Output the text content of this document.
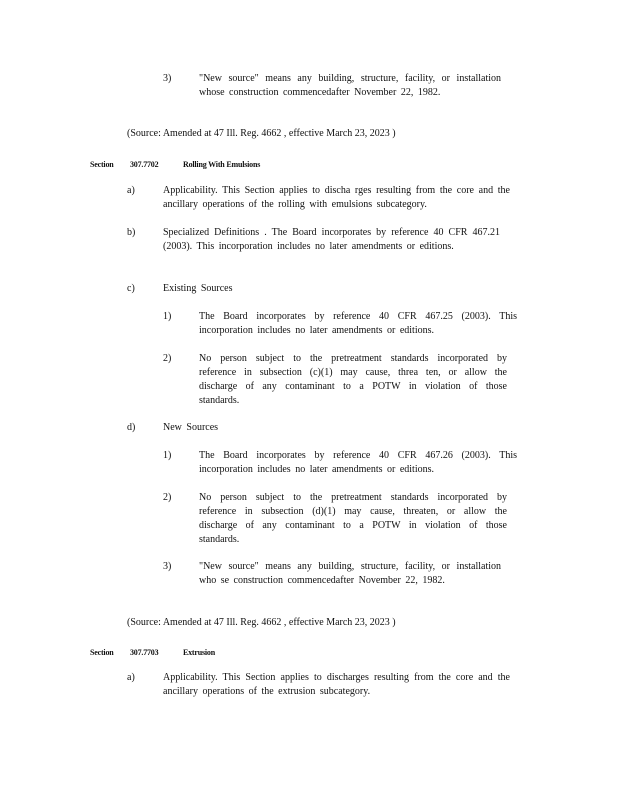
3)	"New source" means any building, structure, facility, or installation whose construction commencedafter November 22, 1982.
(Source: Amended at 47 Ill. Reg. 4662 , effective March 23, 2023 )
Section 307.7702	Rolling With Emulsions
a)	Applicability. This Section applies to discha rges resulting from the core and the ancillary operations of the rolling with emulsions subcategory.
b)	Specialized Definitions . The Board incorporates by reference 40 CFR 467.21 (2003). This incorporation includes no later amendments or editions.
c)	Existing Sources
1)	The Board incorporates by reference 40 CFR 467.25 (2003). This incorporation includes no later amendments or editions.
2)	No person subject to the pretreatment standards incorporated by reference in subsection (c)(1) may cause, threa ten, or allow the discharge of any contaminant to a POTW in violation of those standards.
d)	New Sources
1)	The Board incorporates by reference 40 CFR 467.26 (2003). This incorporation includes no later amendments or editions.
2)	No person subject to the pretreatment standards incorporated by reference in subsection (d)(1) may cause, threaten, or allow the discharge of any contaminant to a POTW in violation of those standards.
3)	"New source" means any building, structure, facility, or installation who se construction commencedafter November 22, 1982.
(Source: Amended at 47 Ill. Reg. 4662 , effective March 23, 2023 )
Section 307.7703	Extrusion
a)	Applicability. This Section applies to discharges resulting from the core and the ancillary operations of the extrusion subcategory.
